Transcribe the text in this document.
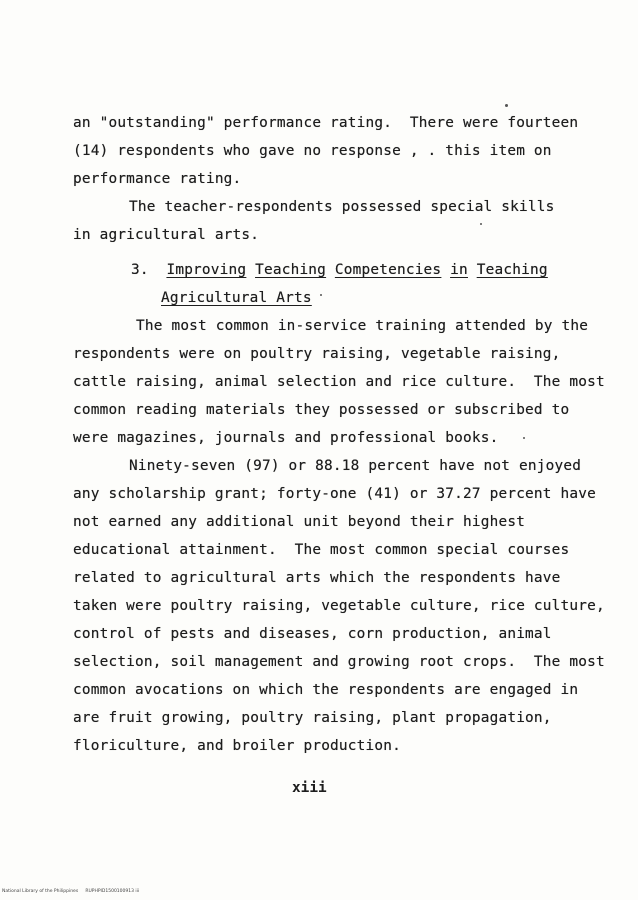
an "outstanding" performance rating.  There were fourteen
(14) respondents who gave no response , . this item on
performance rating.
The teacher-respondents possessed special skills
in agricultural arts.
3. Improving Teaching Competencies in Teaching
Agricultural Arts
The most common in-service training attended by the
respondents were on poultry raising, vegetable raising,
cattle raising, animal selection and rice culture.  The most
common reading materials they possessed or subscribed to
were magazines, journals and professional books.
Ninety-seven (97) or 88.18 percent have not enjoyed
any scholarship grant; forty-one (41) or 37.27 percent have
not earned any additional unit beyond their highest
educational attainment.  The most common special courses
related to agricultural arts which the respondents have
taken were poultry raising, vegetable culture, rice culture,
control of pests and diseases, corn production, animal
selection, soil management and growing root crops.  The most
common avocations on which the respondents are engaged in
are fruit growing, poultry raising, plant propagation,
floriculture, and broiler production.
xiii
National Library of the Philippines     RUPHPID1500100913 iii
